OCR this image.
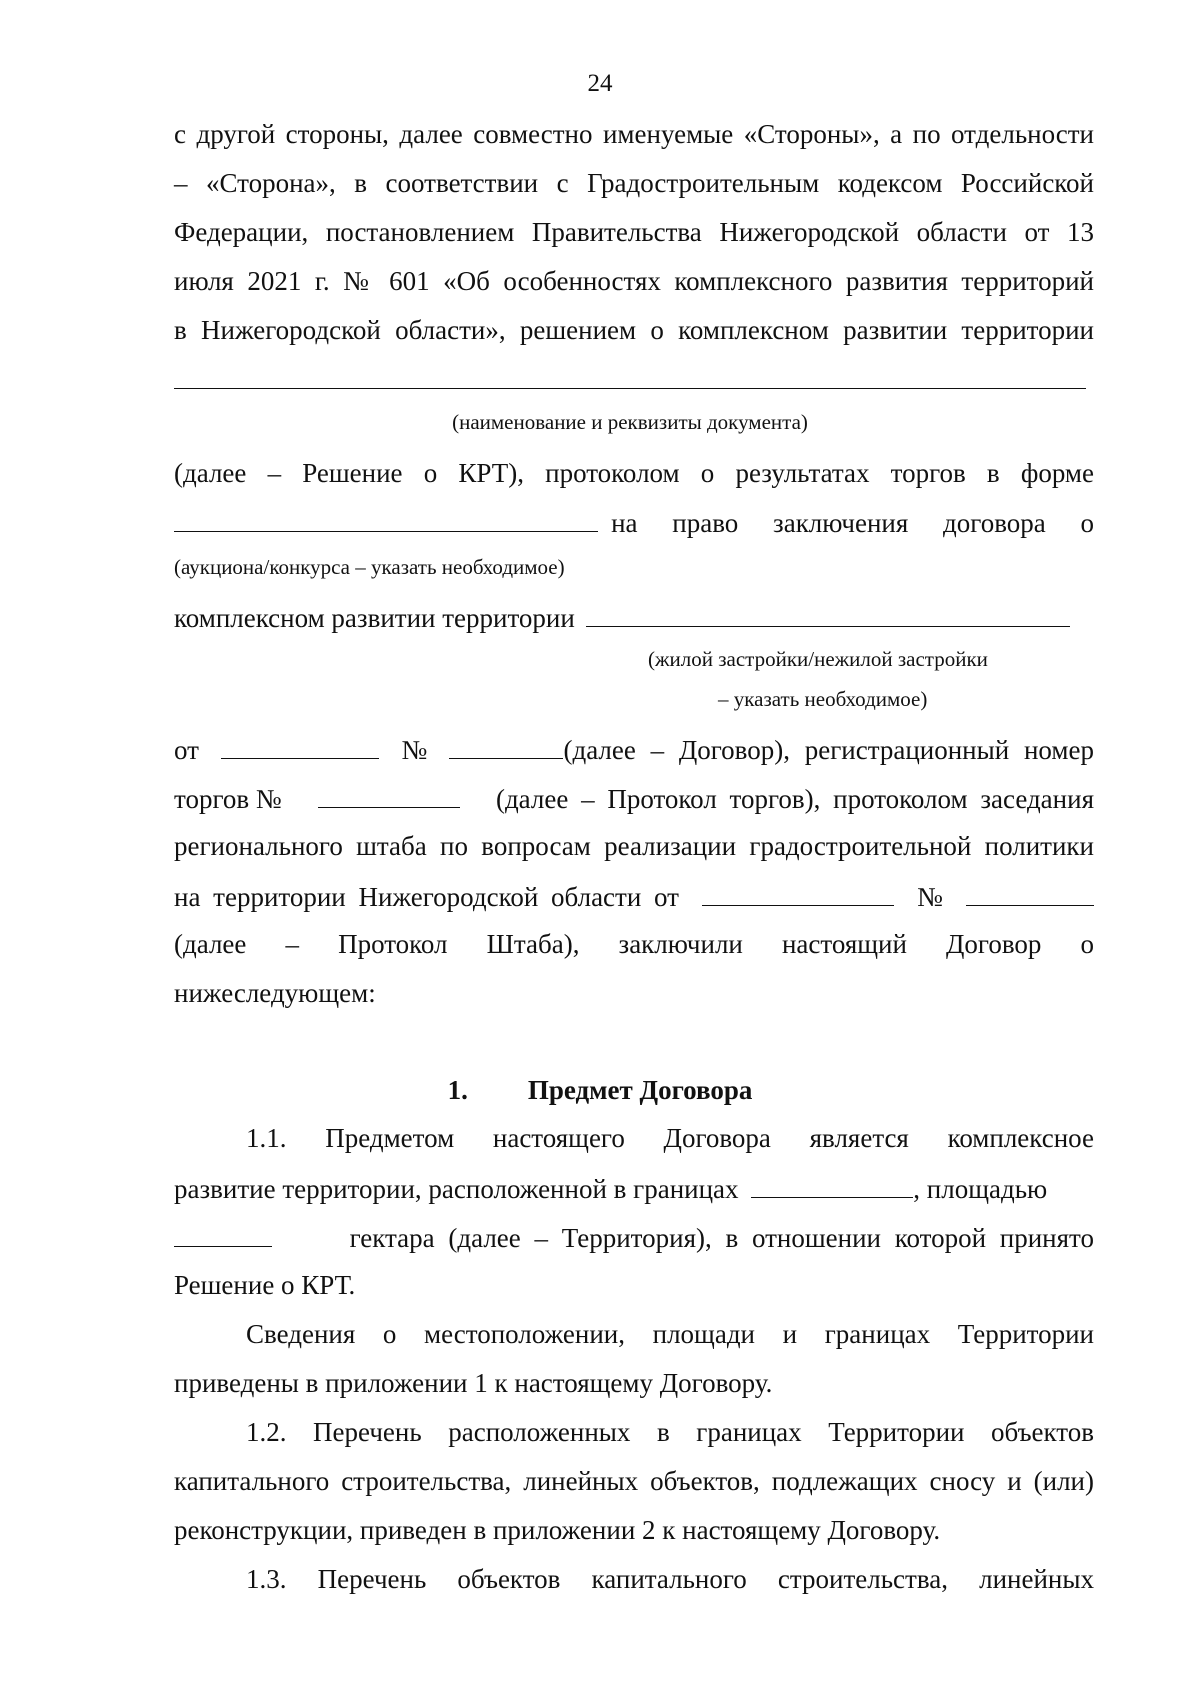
24
с другой стороны, далее совместно именуемые «Стороны», а по отдельности
– «Сторона», в соответствии с Градостроительным кодексом Российской
Федерации, постановлением Правительства Нижегородской области от 13
июля 2021 г. № 601 «Об особенностях комплексного развития территорий
в Нижегородской области», решением о комплексном развитии территории
(наименование и реквизиты документа)
(далее – Решение о КРТ), протоколом о результатах торгов в форме
на право заключения договора о
(аукциона/конкурса – указать необходимое)
комплексном развитии территории
(жилой застройки/нежилой застройки
– указать необходимое)
от	№	(далее – Договор), регистрационный номер
торгов №	(далее – Протокол торгов), протоколом заседания
регионального штаба по вопросам реализации градостроительной политики
на территории Нижегородской области от	№
(далее – Протокол Штаба), заключили настоящий Договор о
нижеследующем:
1. Предмет Договора
1.1. Предметом настоящего Договора является комплексное
развитие территории, расположенной в границах	, площадью
гектара (далее – Территория), в отношении которой принято
Решение о КРТ.
Сведения о местоположении, площади и границах Территории
приведены в приложении 1 к настоящему Договору.
1.2. Перечень расположенных в границах Территории объектов
капитального строительства, линейных объектов, подлежащих сносу и (или)
реконструкции, приведен в приложении 2 к настоящему Договору.
1.3. Перечень объектов капитального строительства, линейных
